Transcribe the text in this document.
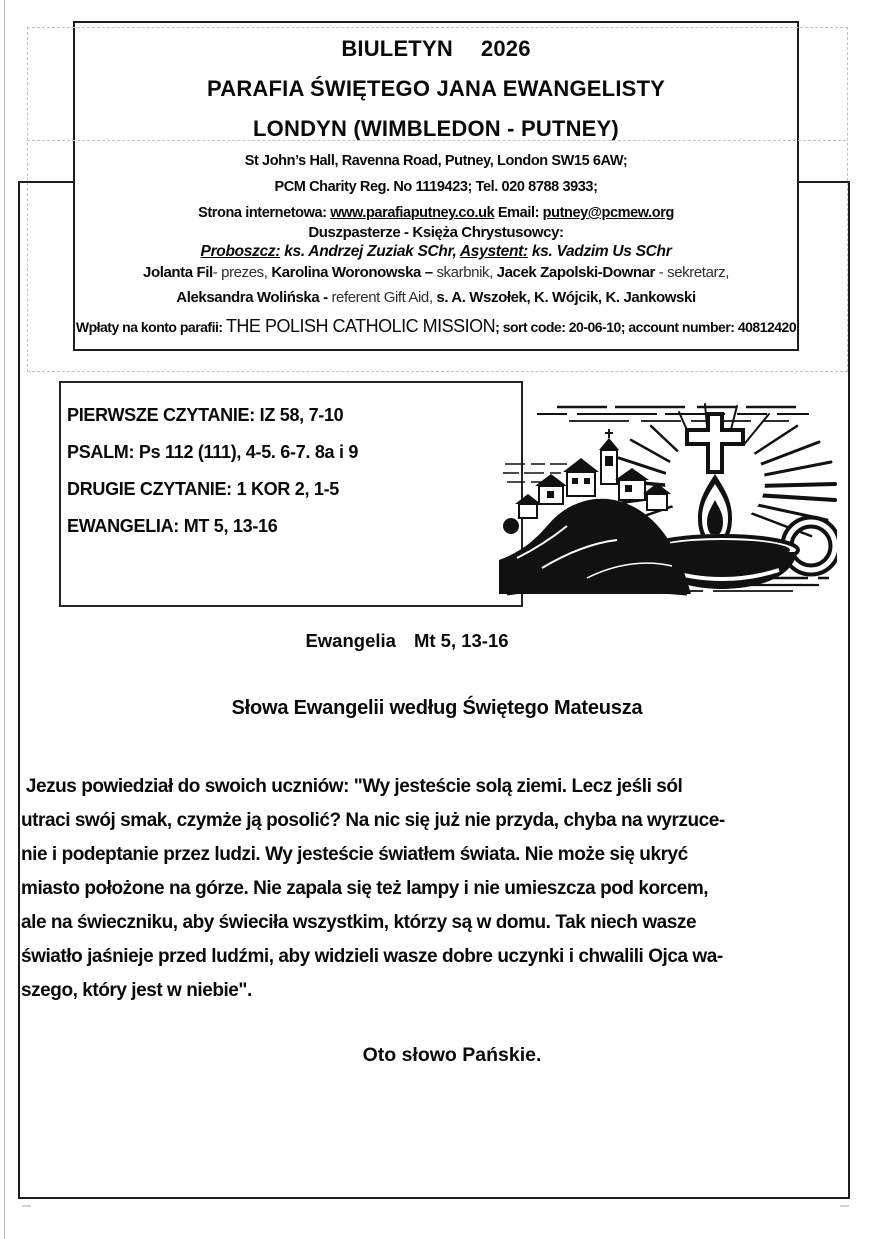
BIULETYN 2026
PARAFIA ŚWIĘTEGO JANA EWANGELISTY
LONDYN (WIMBLEDON - PUTNEY)
St John’s Hall, Ravenna Road, Putney, London SW15 6AW;
PCM Charity Reg. No 1119423; Tel. 020 8788 3933;
Strona internetowa: www.parafiaputney.co.uk Email: putney@pcmew.org
Duszpasterze - Księża Chrystusowcy:
Proboszcz: ks. Andrzej Zuziak SChr, Asystent: ks. Vadzim Us SChr
Jolanta Fil- prezes, Karolina Woronowska – skarbnik, Jacek Zapolski-Downar - sekretarz,
Aleksandra Wolińska - referent Gift Aid, s. A. Wszołek, K. Wójcik, K. Jankowski
Wpłaty na konto parafii: THE POLISH CATHOLIC MISSION; sort code: 20-06-10; account number: 40812420
PIERWSZE CZYTANIE: IZ 58, 7-10
PSALM: Ps 112 (111), 4-5. 6-7. 8a i 9
DRUGIE CZYTANIE: 1 KOR 2, 1-5
EWANGELIA: MT 5, 13-16
Ewangelia Mt 5, 13-16
Słowa Ewangelii według Świętego Mateusza
Jezus powiedział do swoich uczniów: "Wy jesteście solą ziemi. Lecz jeśli sól
utraci swój smak, czymże ją posolić? Na nic się już nie przyda, chyba na wyrzuce-
nie i podeptanie przez ludzi. Wy jesteście światłem świata. Nie może się ukryć
miasto położone na górze. Nie zapala się też lampy i nie umieszcza pod korcem,
ale na świeczniku, aby świeciła wszystkim, którzy są w domu. Tak niech wasze
światło jaśnieje przed ludźmi, aby widzieli wasze dobre uczynki i chwalili Ojca wa-
szego, który jest w niebie".
Oto słowo Pańskie.
